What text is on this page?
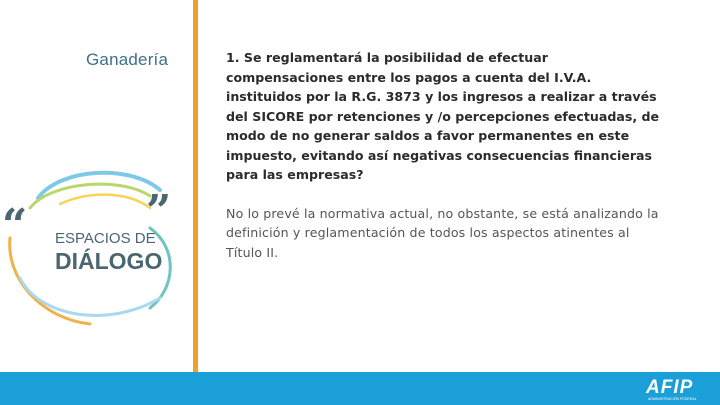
Ganadería
“	”
ESPACIOS DE
DIÁLOGO

1. Se reglamentará la posibilidad de efectuar compensaciones entre los pagos a cuenta del I.V.A. instituidos por la R.G. 3873 y los ingresos a realizar a través del SICORE por retenciones y /o percepciones efectuadas, de modo de no generar saldos a favor permanentes en este impuesto, evitando así negativas consecuencias financieras para las empresas?

No lo prevé la normativa actual, no obstante, se está analizando la definición y reglamentación de todos los aspectos atinentes al Título II.

AFIP
ADMINISTRACIÓN FEDERAL
